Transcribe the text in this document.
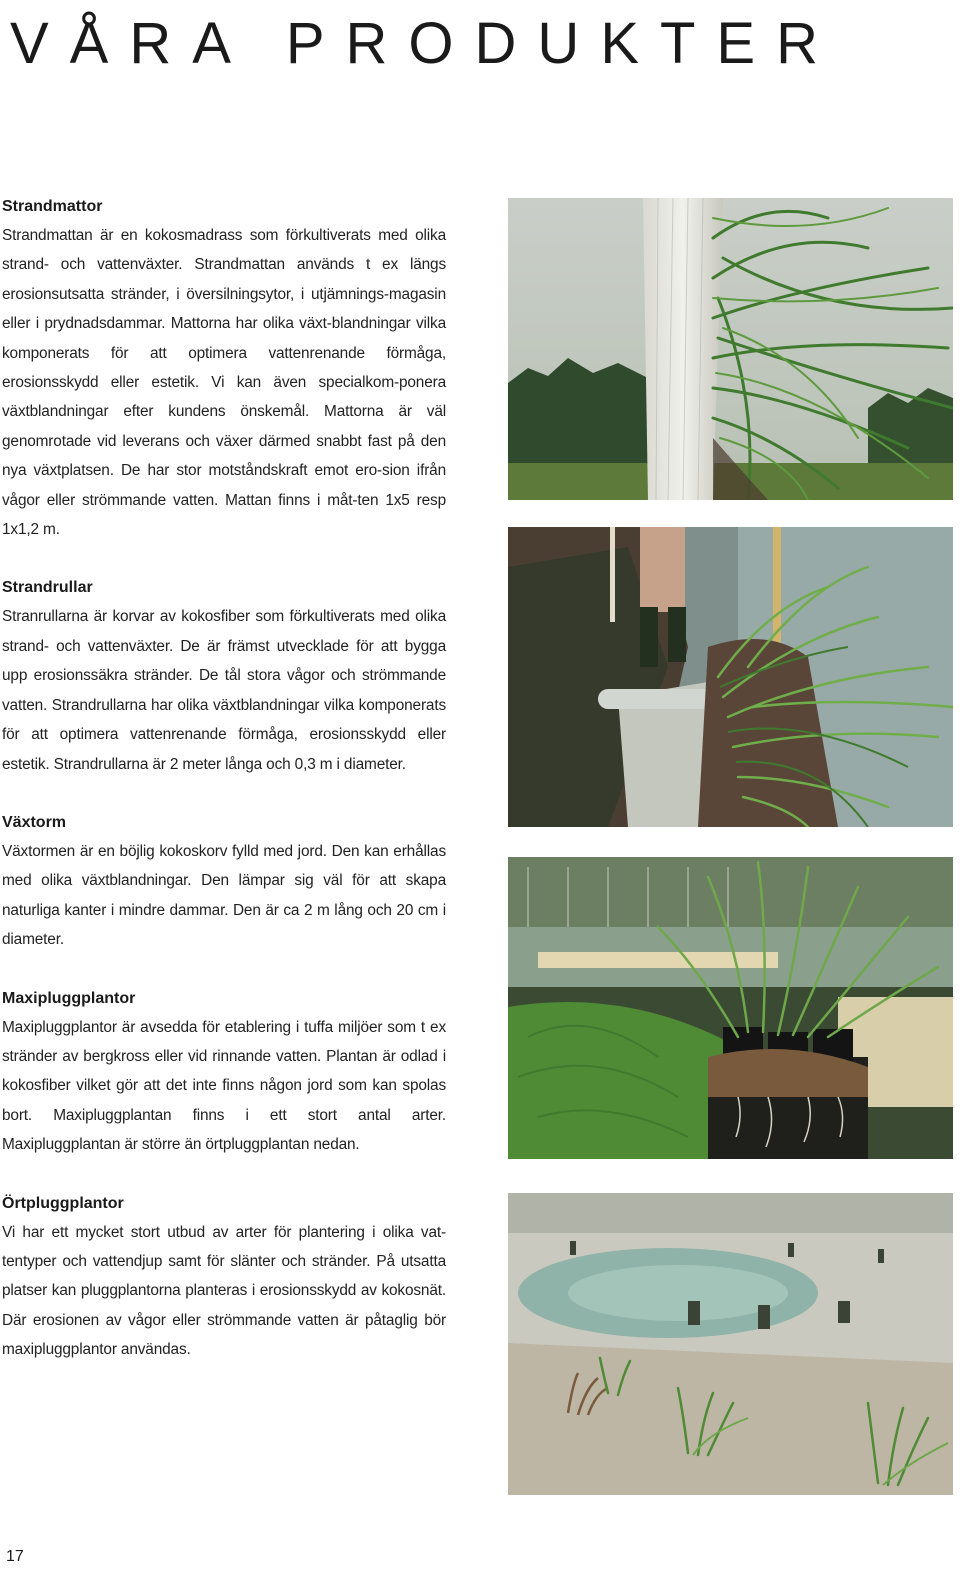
VÅRA PRODUKTER
Strandmattor

Strandmattan är en kokosmadrass som förkultiverats med olika strand- och vattenväxter. Strandmattan används t ex längs erosionsutsatta stränder, i översilningsytor, i utjämnings-magasin eller i prydnadsdammar. Mattorna har olika växt-blandningar vilka komponerats för att optimera vattenrenande förmåga, erosionsskydd eller estetik. Vi kan även specialkom-ponera växtblandningar efter kundens önskemål. Mattorna är väl genomrotade vid leverans och växer därmed snabbt fast på den nya växtplatsen. De har stor motståndskraft emot ero-sion ifrån vågor eller strömmande vatten. Mattan finns i måt-ten 1x5 resp 1x1,2 m.

Strandrullar

Stranrullarna är korvar av kokosfiber som förkultiverats med olika strand- och vattenväxter. De är främst utvecklade för att bygga upp erosionssäkra stränder. De tål stora vågor och strömmande vatten. Strandrullarna har olika växtblandningar vilka komponerats för att optimera vattenrenande förmåga, erosionsskydd eller estetik. Strandrullarna är 2 meter långa och 0,3 m i diameter.

Växtorm

Växtormen är en böjlig kokoskorv fylld med jord. Den kan erhållas med olika växtblandningar. Den lämpar sig väl för att skapa naturliga kanter i mindre dammar. Den är ca 2 m lång och 20 cm i diameter.

Maxipluggplantor

Maxipluggplantor är avsedda för etablering i tuffa miljöer som t ex stränder av bergkross eller vid rinnande vatten. Plantan är odlad i kokosfiber vilket gör att det inte finns någon jord som kan spolas bort. Maxipluggplantan finns i ett stort antal arter. Maxipluggplantan är större än örtpluggplantan nedan.

Örtpluggplantor

Vi har ett mycket stort utbud av arter för plantering i olika vat-tentyper och vattendjup samt för slänter och stränder. På utsatta platser kan pluggplantorna planteras i erosionsskydd av kokosnät. Där erosionen av vågor eller strömmande vatten är påtaglig bör maxipluggplantor användas.

17
